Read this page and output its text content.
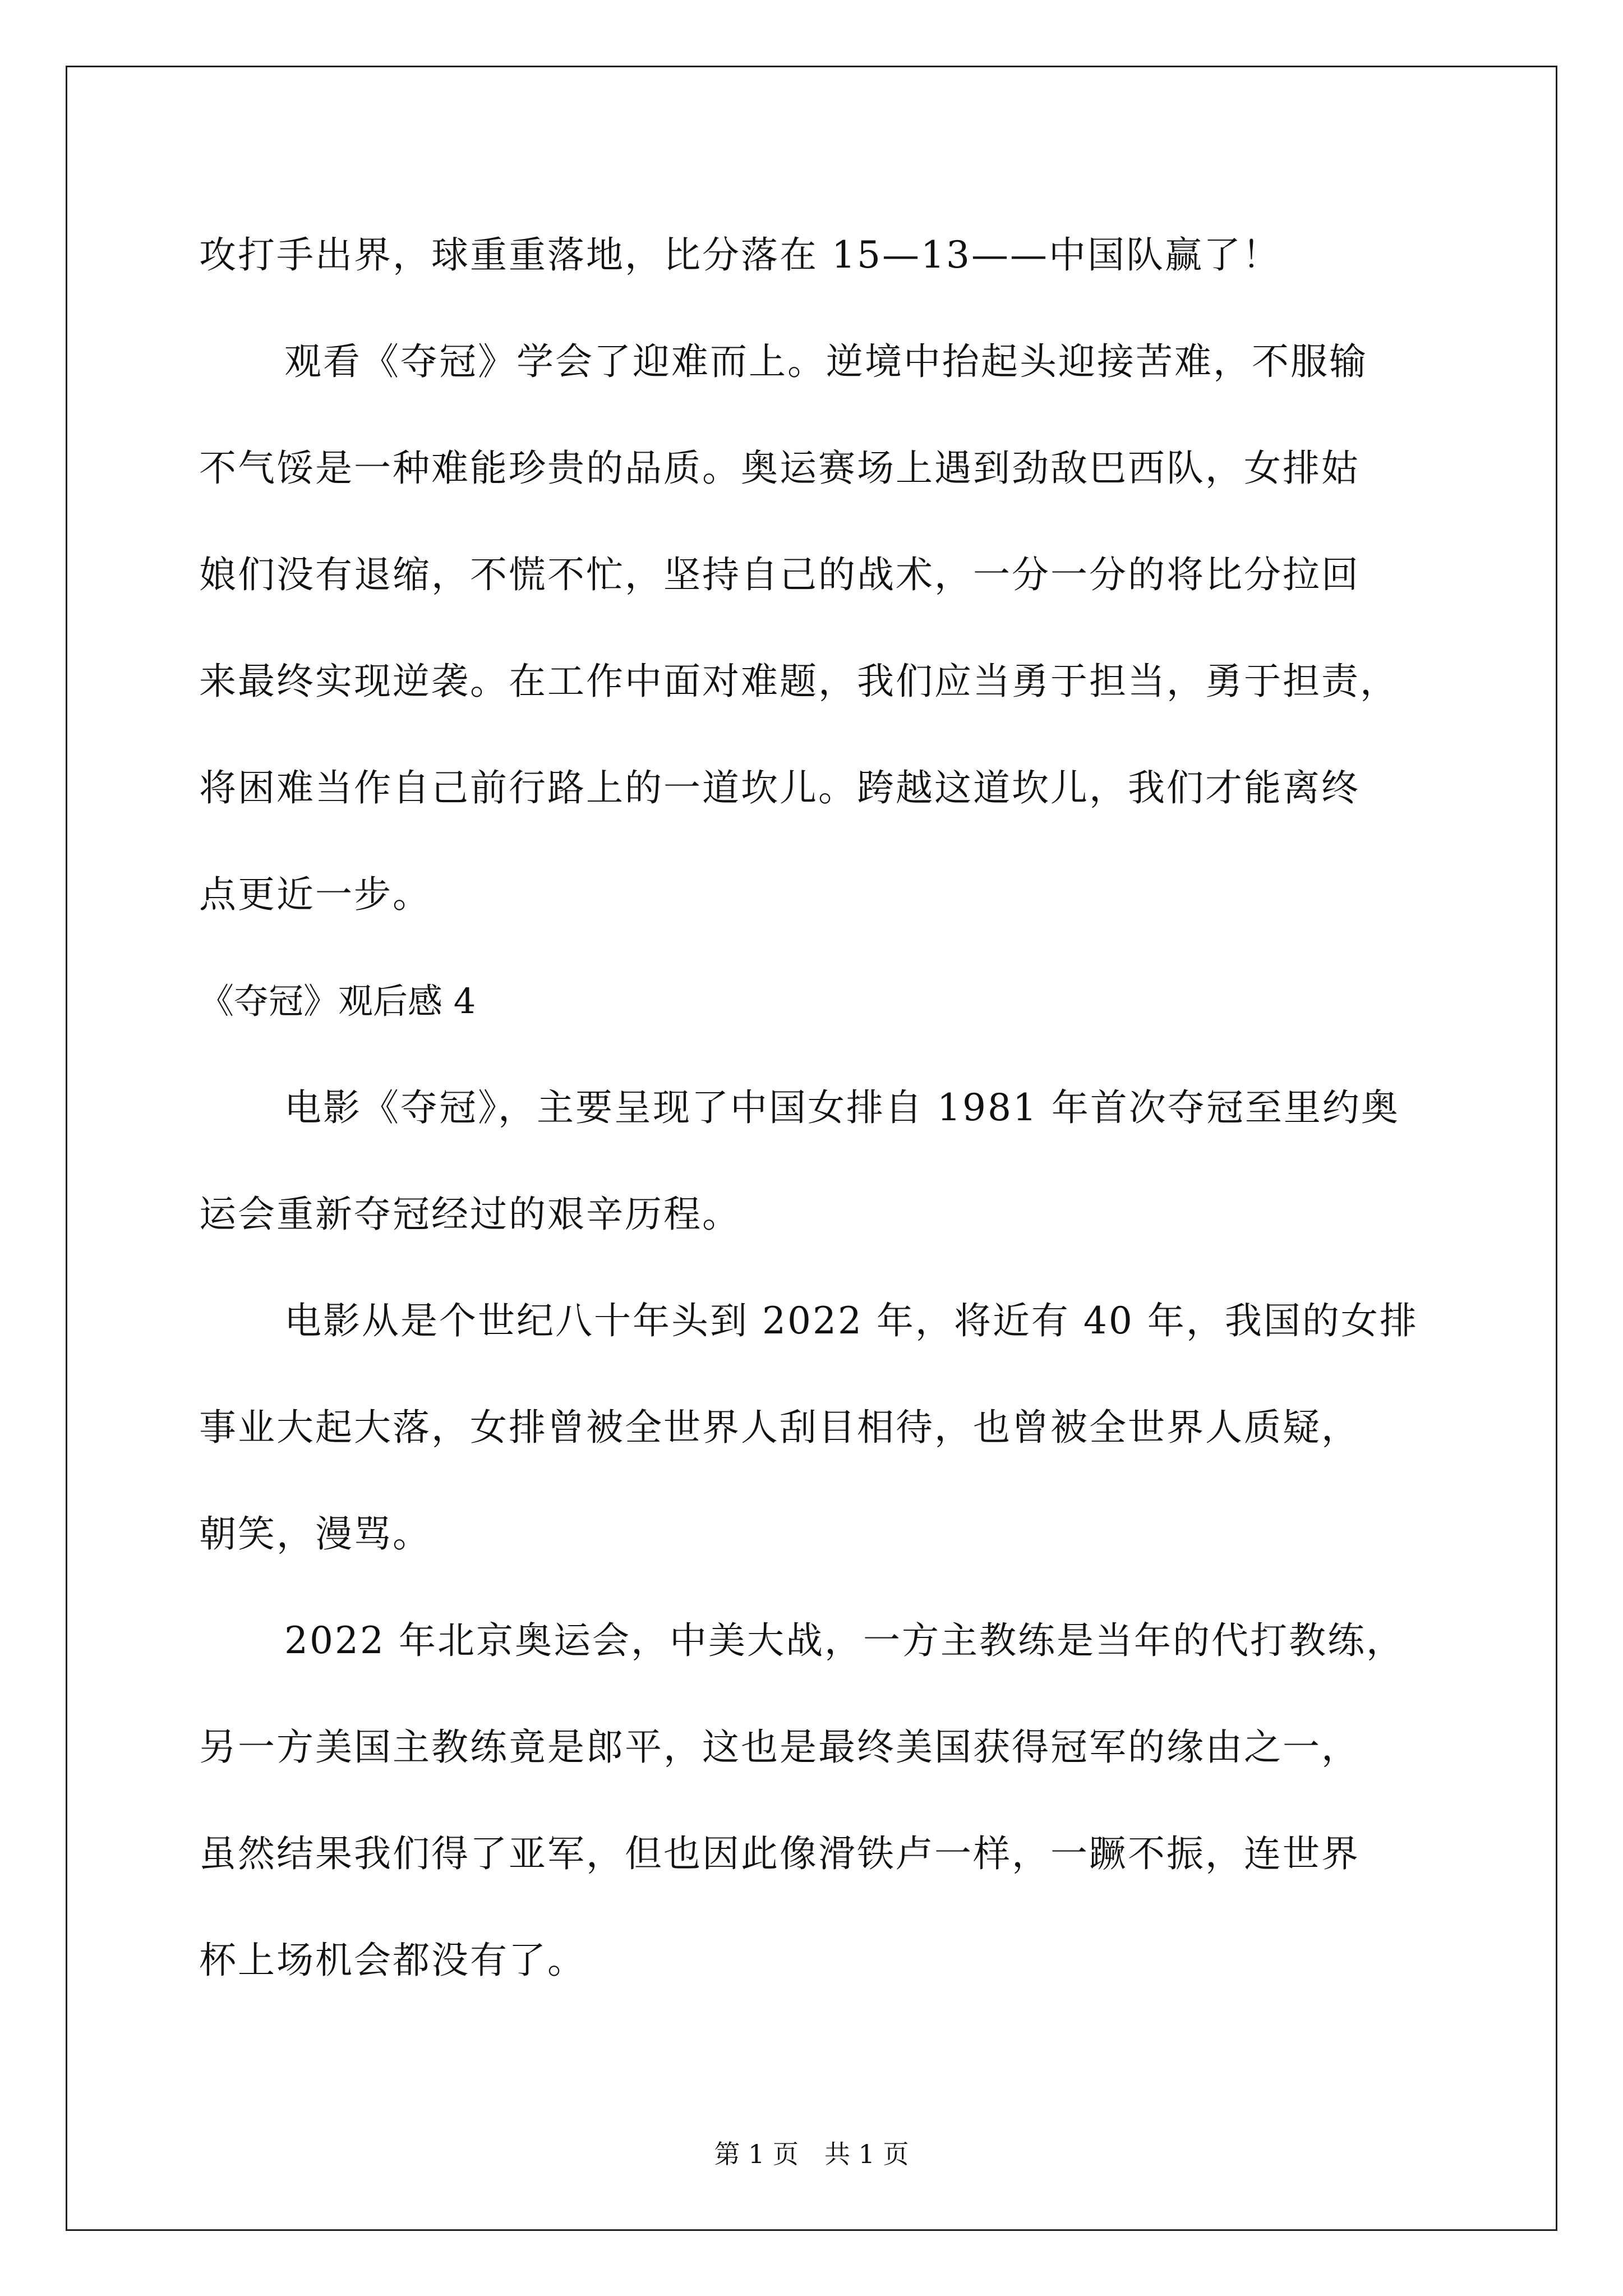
攻打手出界，球重重落地，比分落在 15—13——中国队赢了！
观看《夺冠》学会了迎难而上。逆境中抬起头迎接苦难，不服输
不气馁是一种难能珍贵的品质。奥运赛场上遇到劲敌巴西队，女排姑
娘们没有退缩，不慌不忙，坚持自己的战术，一分一分的将比分拉回
来最终实现逆袭。在工作中面对难题，我们应当勇于担当，勇于担责，
将困难当作自己前行路上的一道坎儿。跨越这道坎儿，我们才能离终
点更近一步。
《夺冠》观后感 4
电影《夺冠》，主要呈现了中国女排自 1981 年首次夺冠至里约奥
运会重新夺冠经过的艰辛历程。
电影从是个世纪八十年头到 2022 年，将近有 40 年，我国的女排
事业大起大落，女排曾被全世界人刮目相待，也曾被全世界人质疑，
朝笑，漫骂。
2022 年北京奥运会，中美大战，一方主教练是当年的代打教练，
另一方美国主教练竟是郎平，这也是最终美国获得冠军的缘由之一，
虽然结果我们得了亚军，但也因此像滑铁卢一样，一蹶不振，连世界
杯上场机会都没有了。
第 1 页 共 1 页
